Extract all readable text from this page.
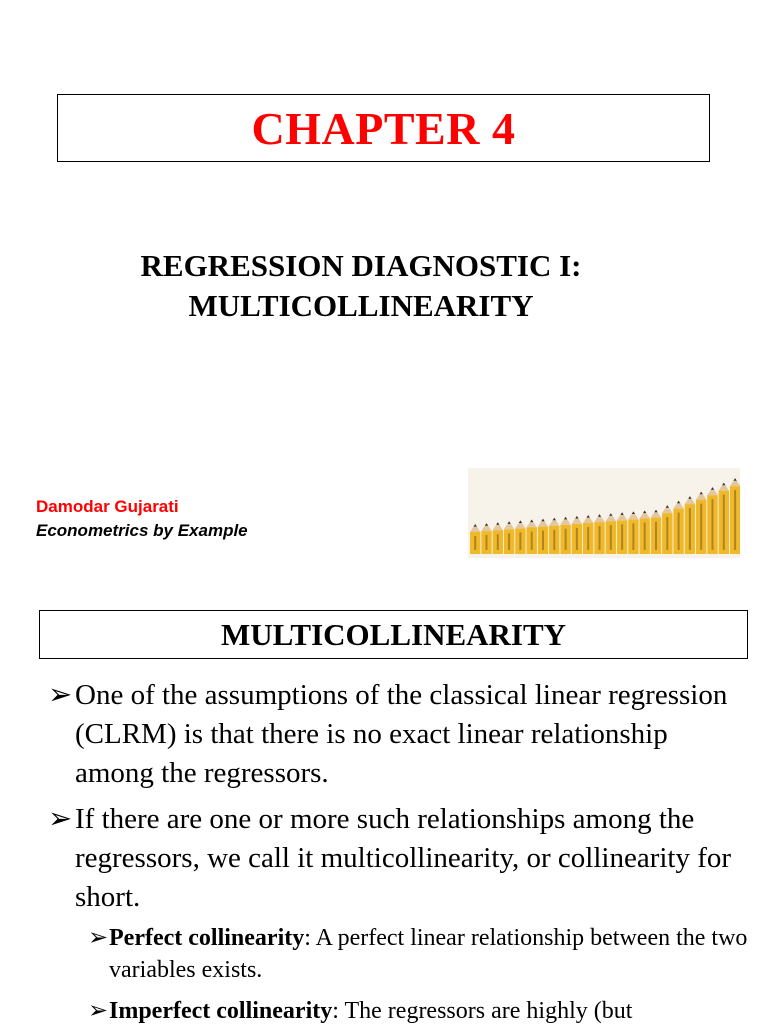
CHAPTER 4
REGRESSION DIAGNOSTIC I:
MULTICOLLINEARITY
Damodar Gujarati
Econometrics by Example
MULTICOLLINEARITY
➢ One of the assumptions of the classical linear regression (CLRM) is that there is no exact linear relationship among the regressors.
➢ If there are one or more such relationships among the regressors, we call it multicollinearity, or collinearity for short.
➢ Perfect collinearity: A perfect linear relationship between the two variables exists.
➢ Imperfect collinearity: The regressors are highly (but
